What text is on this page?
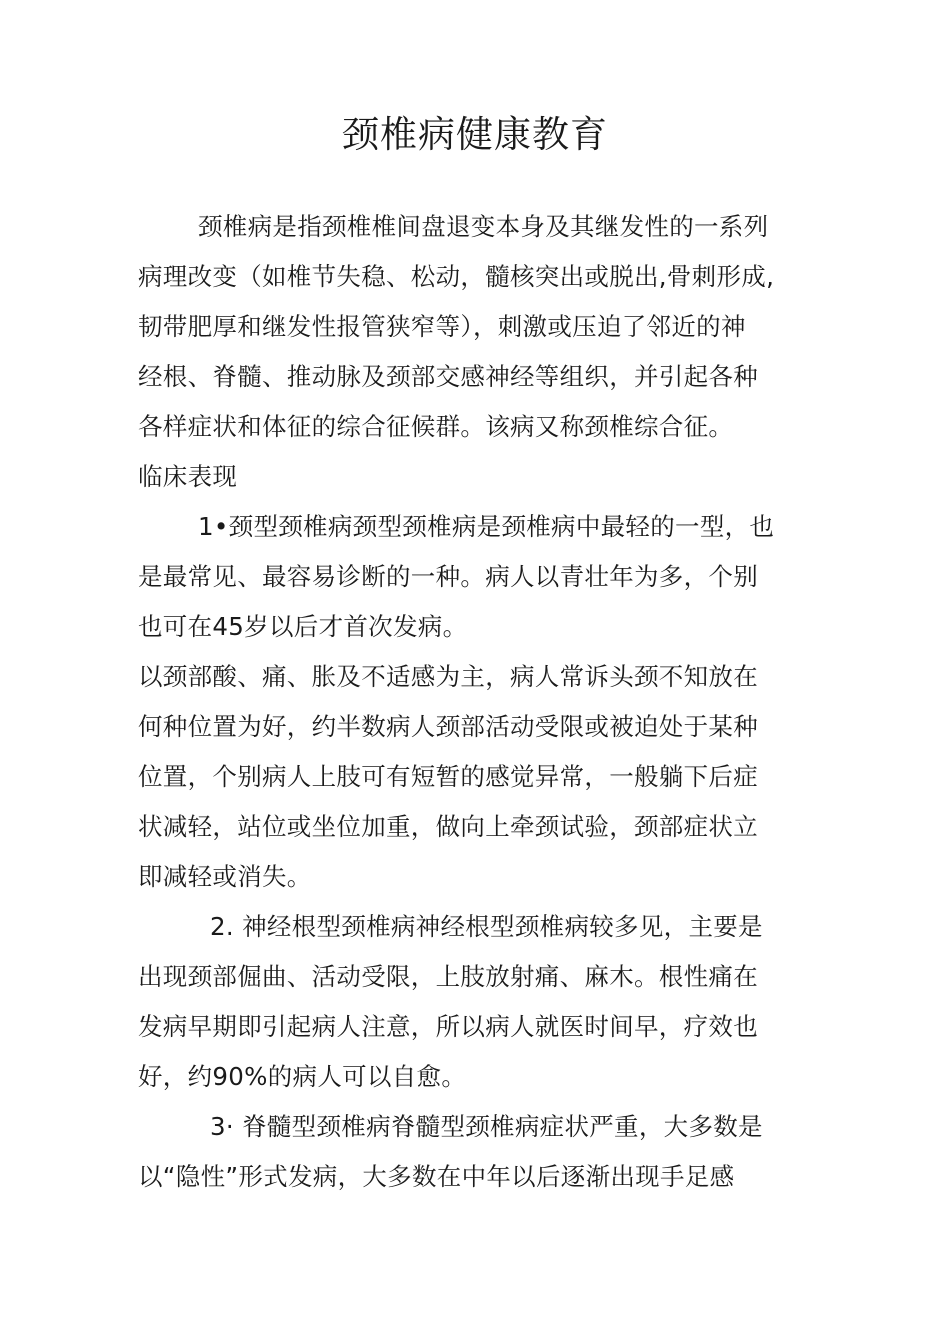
颈椎病健康教育
颈椎病是指颈椎椎间盘退变本身及其继发性的一系列
病理改变（如椎节失稳、松动，髓核突出或脱出,骨刺形成,
韧带肥厚和继发性报管狭窄等），刺激或压迫了邻近的神
经根、脊髓、推动脉及颈部交感神经等组织，并引起各种
各样症状和体征的综合征候群。该病又称颈椎综合征。
临床表现
1•颈型颈椎病颈型颈椎病是颈椎病中最轻的一型，也
是最常见、最容易诊断的一种。病人以青壮年为多，个别
也可在45岁以后才首次发病。
以颈部酸、痛、胀及不适感为主，病人常诉头颈不知放在
何种位置为好，约半数病人颈部活动受限或被迫处于某种
位置，个别病人上肢可有短暂的感觉异常，一般躺下后症
状减轻，站位或坐位加重，做向上牵颈试验，颈部症状立
即减轻或消失。
2. 神经根型颈椎病神经根型颈椎病较多见，主要是
出现颈部倔曲、活动受限，上肢放射痛、麻木。根性痛在
发病早期即引起病人注意，所以病人就医时间早，疗效也
好，约90%的病人可以自愈。
3· 脊髓型颈椎病脊髓型颈椎病症状严重，大多数是
以“隐性”形式发病，大多数在中年以后逐渐出现手足感
